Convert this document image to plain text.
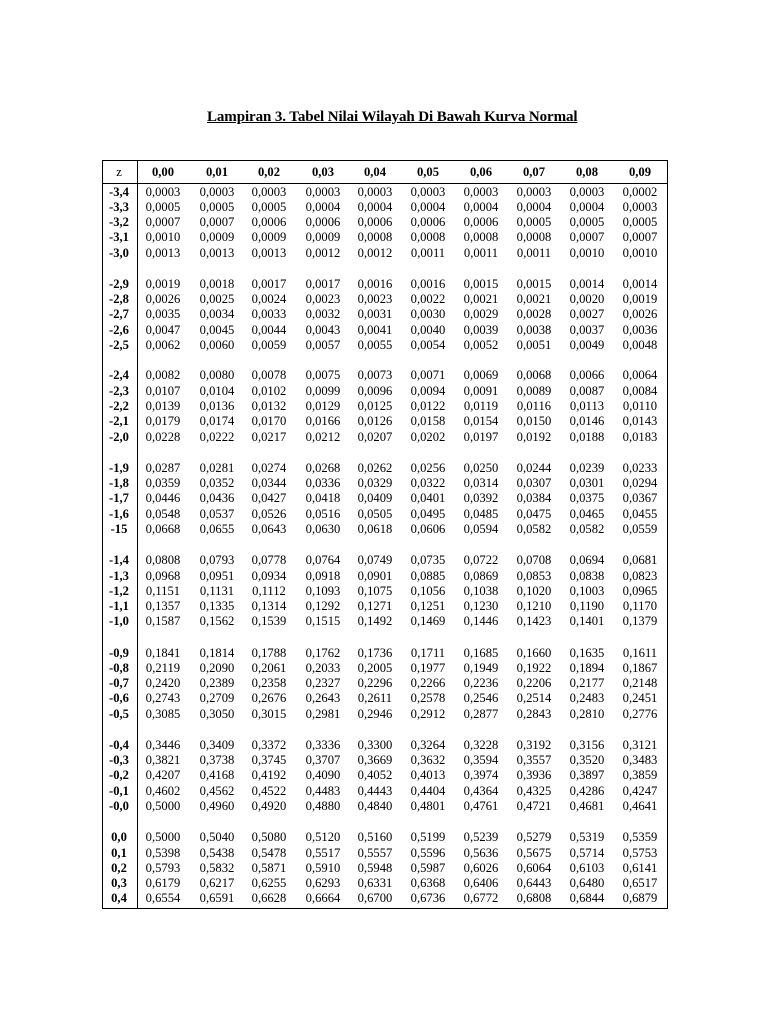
Lampiran 3. Tabel Nilai Wilayah Di Bawah Kurva Normal
z	0,00	0,01	0,02	0,03	0,04	0,05	0,06	0,07	0,08	0,09
-3,4	0,0003	0,0003	0,0003	0,0003	0,0003	0,0003	0,0003	0,0003	0,0003	0,0002
-3,3	0,0005	0,0005	0,0005	0,0004	0,0004	0,0004	0,0004	0,0004	0,0004	0,0003
-3,2	0,0007	0,0007	0,0006	0,0006	0,0006	0,0006	0,0006	0,0005	0,0005	0,0005
-3,1	0,0010	0,0009	0,0009	0,0009	0,0008	0,0008	0,0008	0,0008	0,0007	0,0007
-3,0	0,0013	0,0013	0,0013	0,0012	0,0012	0,0011	0,0011	0,0011	0,0010	0,0010
-2,9	0,0019	0,0018	0,0017	0,0017	0,0016	0,0016	0,0015	0,0015	0,0014	0,0014
-2,8	0,0026	0,0025	0,0024	0,0023	0,0023	0,0022	0,0021	0,0021	0,0020	0,0019
-2,7	0,0035	0,0034	0,0033	0,0032	0,0031	0,0030	0,0029	0,0028	0,0027	0,0026
-2,6	0,0047	0,0045	0,0044	0,0043	0,0041	0,0040	0,0039	0,0038	0,0037	0,0036
-2,5	0,0062	0,0060	0,0059	0,0057	0,0055	0,0054	0,0052	0,0051	0,0049	0,0048
-2,4	0,0082	0,0080	0,0078	0,0075	0,0073	0,0071	0,0069	0,0068	0,0066	0,0064
-2,3	0,0107	0,0104	0,0102	0,0099	0,0096	0,0094	0,0091	0,0089	0,0087	0,0084
-2,2	0,0139	0,0136	0,0132	0,0129	0,0125	0,0122	0,0119	0,0116	0,0113	0,0110
-2,1	0,0179	0,0174	0,0170	0,0166	0,0126	0,0158	0,0154	0,0150	0,0146	0,0143
-2,0	0,0228	0,0222	0,0217	0,0212	0,0207	0,0202	0,0197	0,0192	0,0188	0,0183
-1,9	0,0287	0,0281	0,0274	0,0268	0,0262	0,0256	0,0250	0,0244	0,0239	0,0233
-1,8	0,0359	0,0352	0,0344	0,0336	0,0329	0,0322	0,0314	0,0307	0,0301	0,0294
-1,7	0,0446	0,0436	0,0427	0,0418	0,0409	0,0401	0,0392	0,0384	0,0375	0,0367
-1,6	0,0548	0,0537	0,0526	0,0516	0,0505	0,0495	0,0485	0,0475	0,0465	0,0455
-15	0,0668	0,0655	0,0643	0,0630	0,0618	0,0606	0,0594	0,0582	0,0582	0,0559
-1,4	0,0808	0,0793	0,0778	0,0764	0,0749	0,0735	0,0722	0,0708	0,0694	0,0681
-1,3	0,0968	0,0951	0,0934	0,0918	0,0901	0,0885	0,0869	0,0853	0,0838	0,0823
-1,2	0,1151	0,1131	0,1112	0,1093	0,1075	0,1056	0,1038	0,1020	0,1003	0,0965
-1,1	0,1357	0,1335	0,1314	0,1292	0,1271	0,1251	0,1230	0,1210	0,1190	0,1170
-1,0	0,1587	0,1562	0,1539	0,1515	0,1492	0,1469	0,1446	0,1423	0,1401	0,1379
-0,9	0,1841	0,1814	0,1788	0,1762	0,1736	0,1711	0,1685	0,1660	0,1635	0,1611
-0,8	0,2119	0,2090	0,2061	0,2033	0,2005	0,1977	0,1949	0,1922	0,1894	0,1867
-0,7	0,2420	0,2389	0,2358	0,2327	0,2296	0,2266	0,2236	0,2206	0,2177	0,2148
-0,6	0,2743	0,2709	0,2676	0,2643	0,2611	0,2578	0,2546	0,2514	0,2483	0,2451
-0,5	0,3085	0,3050	0,3015	0,2981	0,2946	0,2912	0,2877	0,2843	0,2810	0,2776
-0,4	0,3446	0,3409	0,3372	0,3336	0,3300	0,3264	0,3228	0,3192	0,3156	0,3121
-0,3	0,3821	0,3738	0,3745	0,3707	0,3669	0,3632	0,3594	0,3557	0,3520	0,3483
-0,2	0,4207	0,4168	0,4192	0,4090	0,4052	0,4013	0,3974	0,3936	0,3897	0,3859
-0,1	0,4602	0,4562	0,4522	0,4483	0,4443	0,4404	0,4364	0,4325	0,4286	0,4247
-0,0	0,5000	0,4960	0,4920	0,4880	0,4840	0,4801	0,4761	0,4721	0,4681	0,4641
0,0	0,5000	0,5040	0,5080	0,5120	0,5160	0,5199	0,5239	0,5279	0,5319	0,5359
0,1	0,5398	0,5438	0,5478	0,5517	0,5557	0,5596	0,5636	0,5675	0,5714	0,5753
0,2	0,5793	0,5832	0,5871	0,5910	0,5948	0,5987	0,6026	0,6064	0,6103	0,6141
0,3	0,6179	0,6217	0,6255	0,6293	0,6331	0,6368	0,6406	0,6443	0,6480	0,6517
0,4	0,6554	0,6591	0,6628	0,6664	0,6700	0,6736	0,6772	0,6808	0,6844	0,6879
